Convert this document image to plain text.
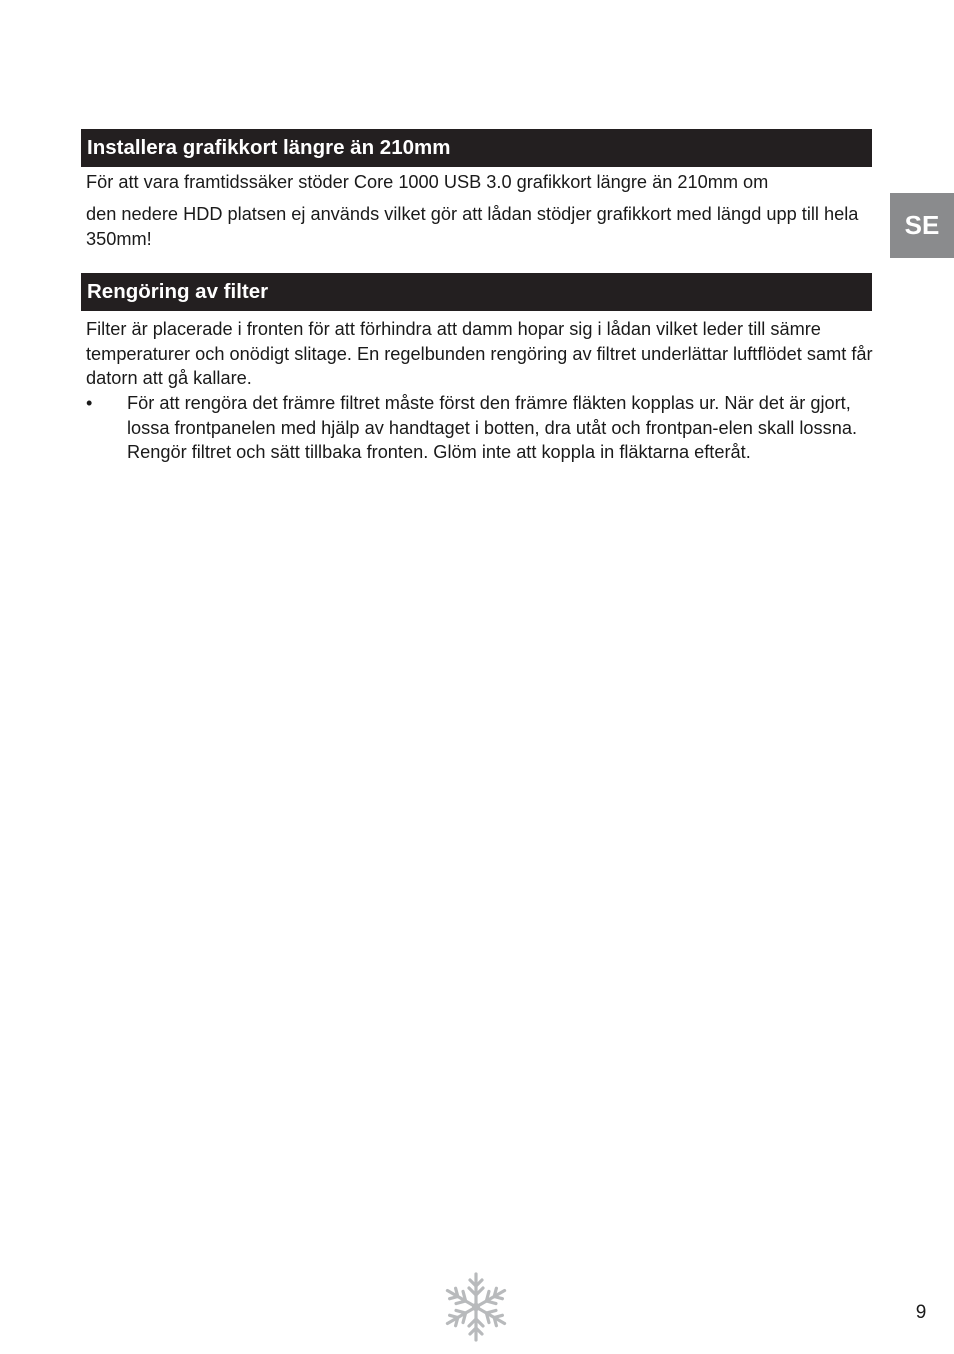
Installera grafikkort längre än 210mm

För att vara framtidssäker stöder Core 1000 USB 3.0 grafikkort längre än 210mm om

den nedere HDD platsen ej används vilket gör att lådan stödjer grafikkort med längd upp till hela 350mm!

Rengöring av filter

Filter är placerade i fronten för att förhindra att damm hopar sig i lådan vilket leder till sämre temperaturer och onödigt slitage. En regelbunden rengöring av filtret underlättar luftflödet samt får datorn att gå kallare.

• För att rengöra det främre filtret måste först den främre fläkten kopplas ur. När det är gjort, lossa frontpanelen med hjälp av handtaget i botten, dra utåt och frontpan-elen skall lossna. Rengör filtret och sätt tillbaka fronten. Glöm inte att koppla in fläktarna efteråt.
SE
9
